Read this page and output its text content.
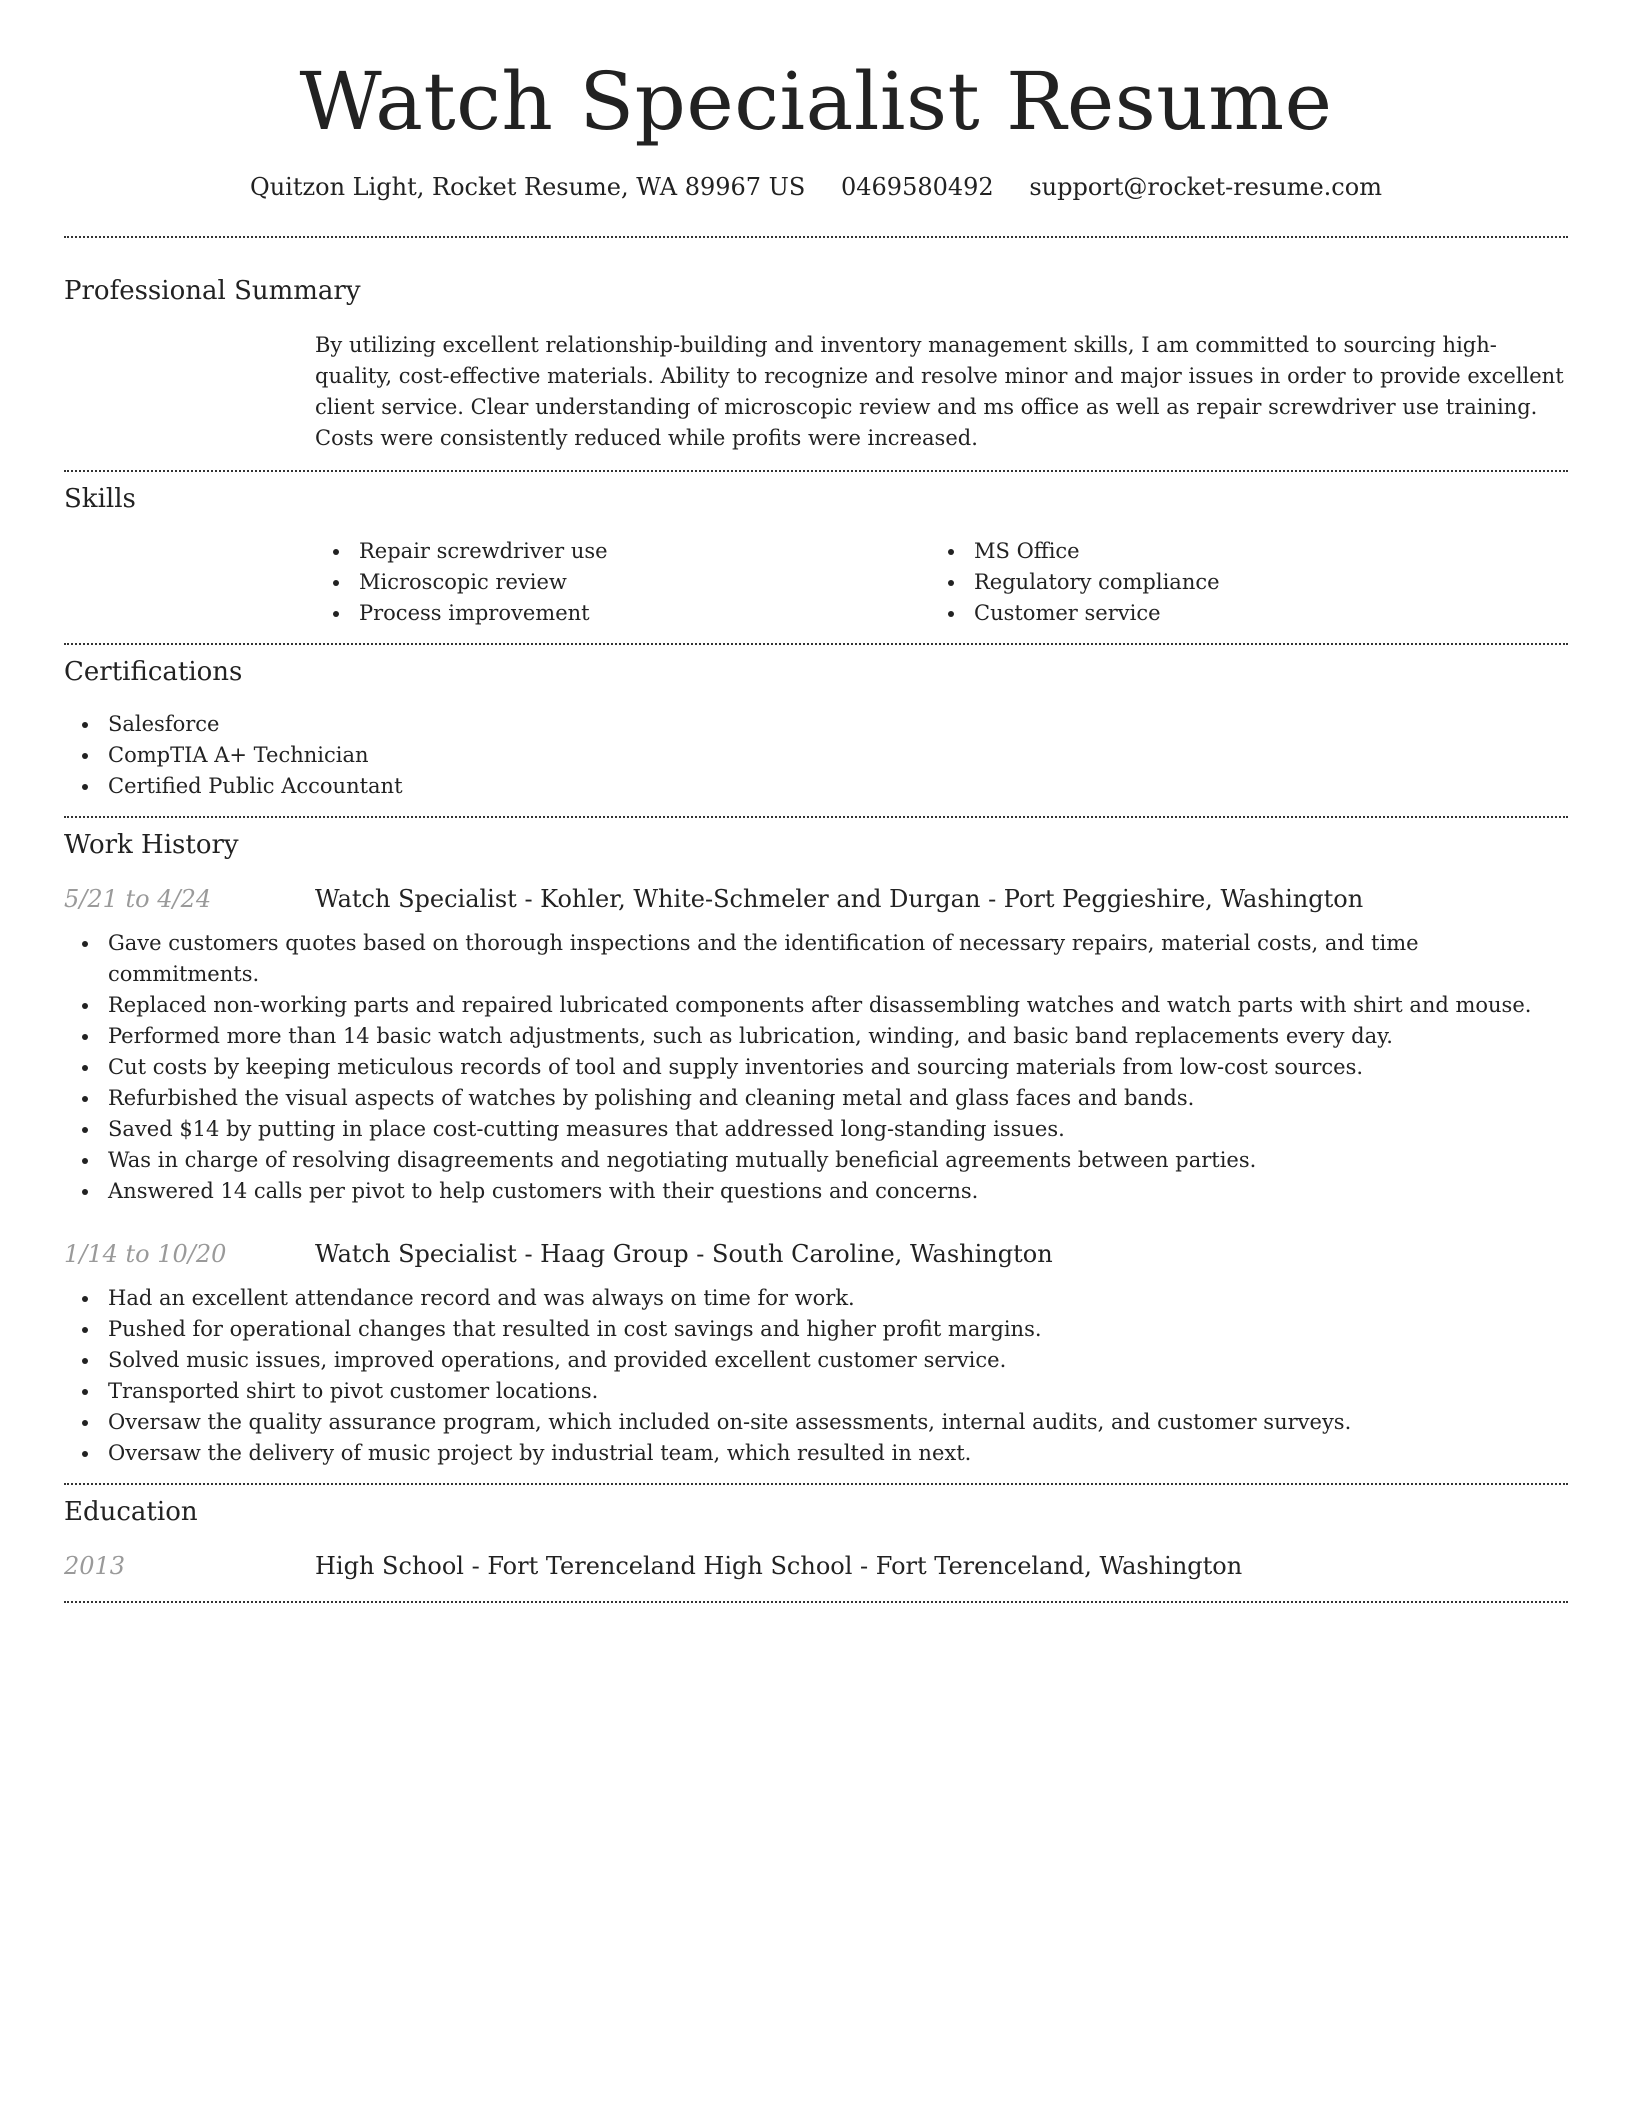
Watch Specialist Resume
Quitzon Light, Rocket Resume, WA 89967 US 0469580492 support@rocket-resume.com
Professional Summary

By utilizing excellent relationship-building and inventory management skills, I am committed to sourcing high-quality, cost-effective materials. Ability to recognize and resolve minor and major issues in order to provide excellent client service. Clear understanding of microscopic review and ms office as well as repair screwdriver use training. Costs were consistently reduced while profits were increased.

Skills
Repair screwdriver use
Microscopic review
Process improvement
MS Office
Regulatory compliance
Customer service
Certifications
Salesforce
CompTIA A+ Technician
Certified Public Accountant
Work History
5/21 to 4/24	Watch Specialist - Kohler, White-Schmeler and Durgan - Port Peggieshire, Washington
Gave customers quotes based on thorough inspections and the identification of necessary repairs, material costs, and time commitments.
Replaced non-working parts and repaired lubricated components after disassembling watches and watch parts with shirt and mouse.
Performed more than 14 basic watch adjustments, such as lubrication, winding, and basic band replacements every day.
Cut costs by keeping meticulous records of tool and supply inventories and sourcing materials from low-cost sources.
Refurbished the visual aspects of watches by polishing and cleaning metal and glass faces and bands.
Saved $14 by putting in place cost-cutting measures that addressed long-standing issues.
Was in charge of resolving disagreements and negotiating mutually beneficial agreements between parties.
Answered 14 calls per pivot to help customers with their questions and concerns.
1/14 to 10/20	Watch Specialist - Haag Group - South Caroline, Washington
Had an excellent attendance record and was always on time for work.
Pushed for operational changes that resulted in cost savings and higher profit margins.
Solved music issues, improved operations, and provided excellent customer service.
Transported shirt to pivot customer locations.
Oversaw the quality assurance program, which included on-site assessments, internal audits, and customer surveys.
Oversaw the delivery of music project by industrial team, which resulted in next.
Education
2013	High School - Fort Terenceland High School - Fort Terenceland, Washington
